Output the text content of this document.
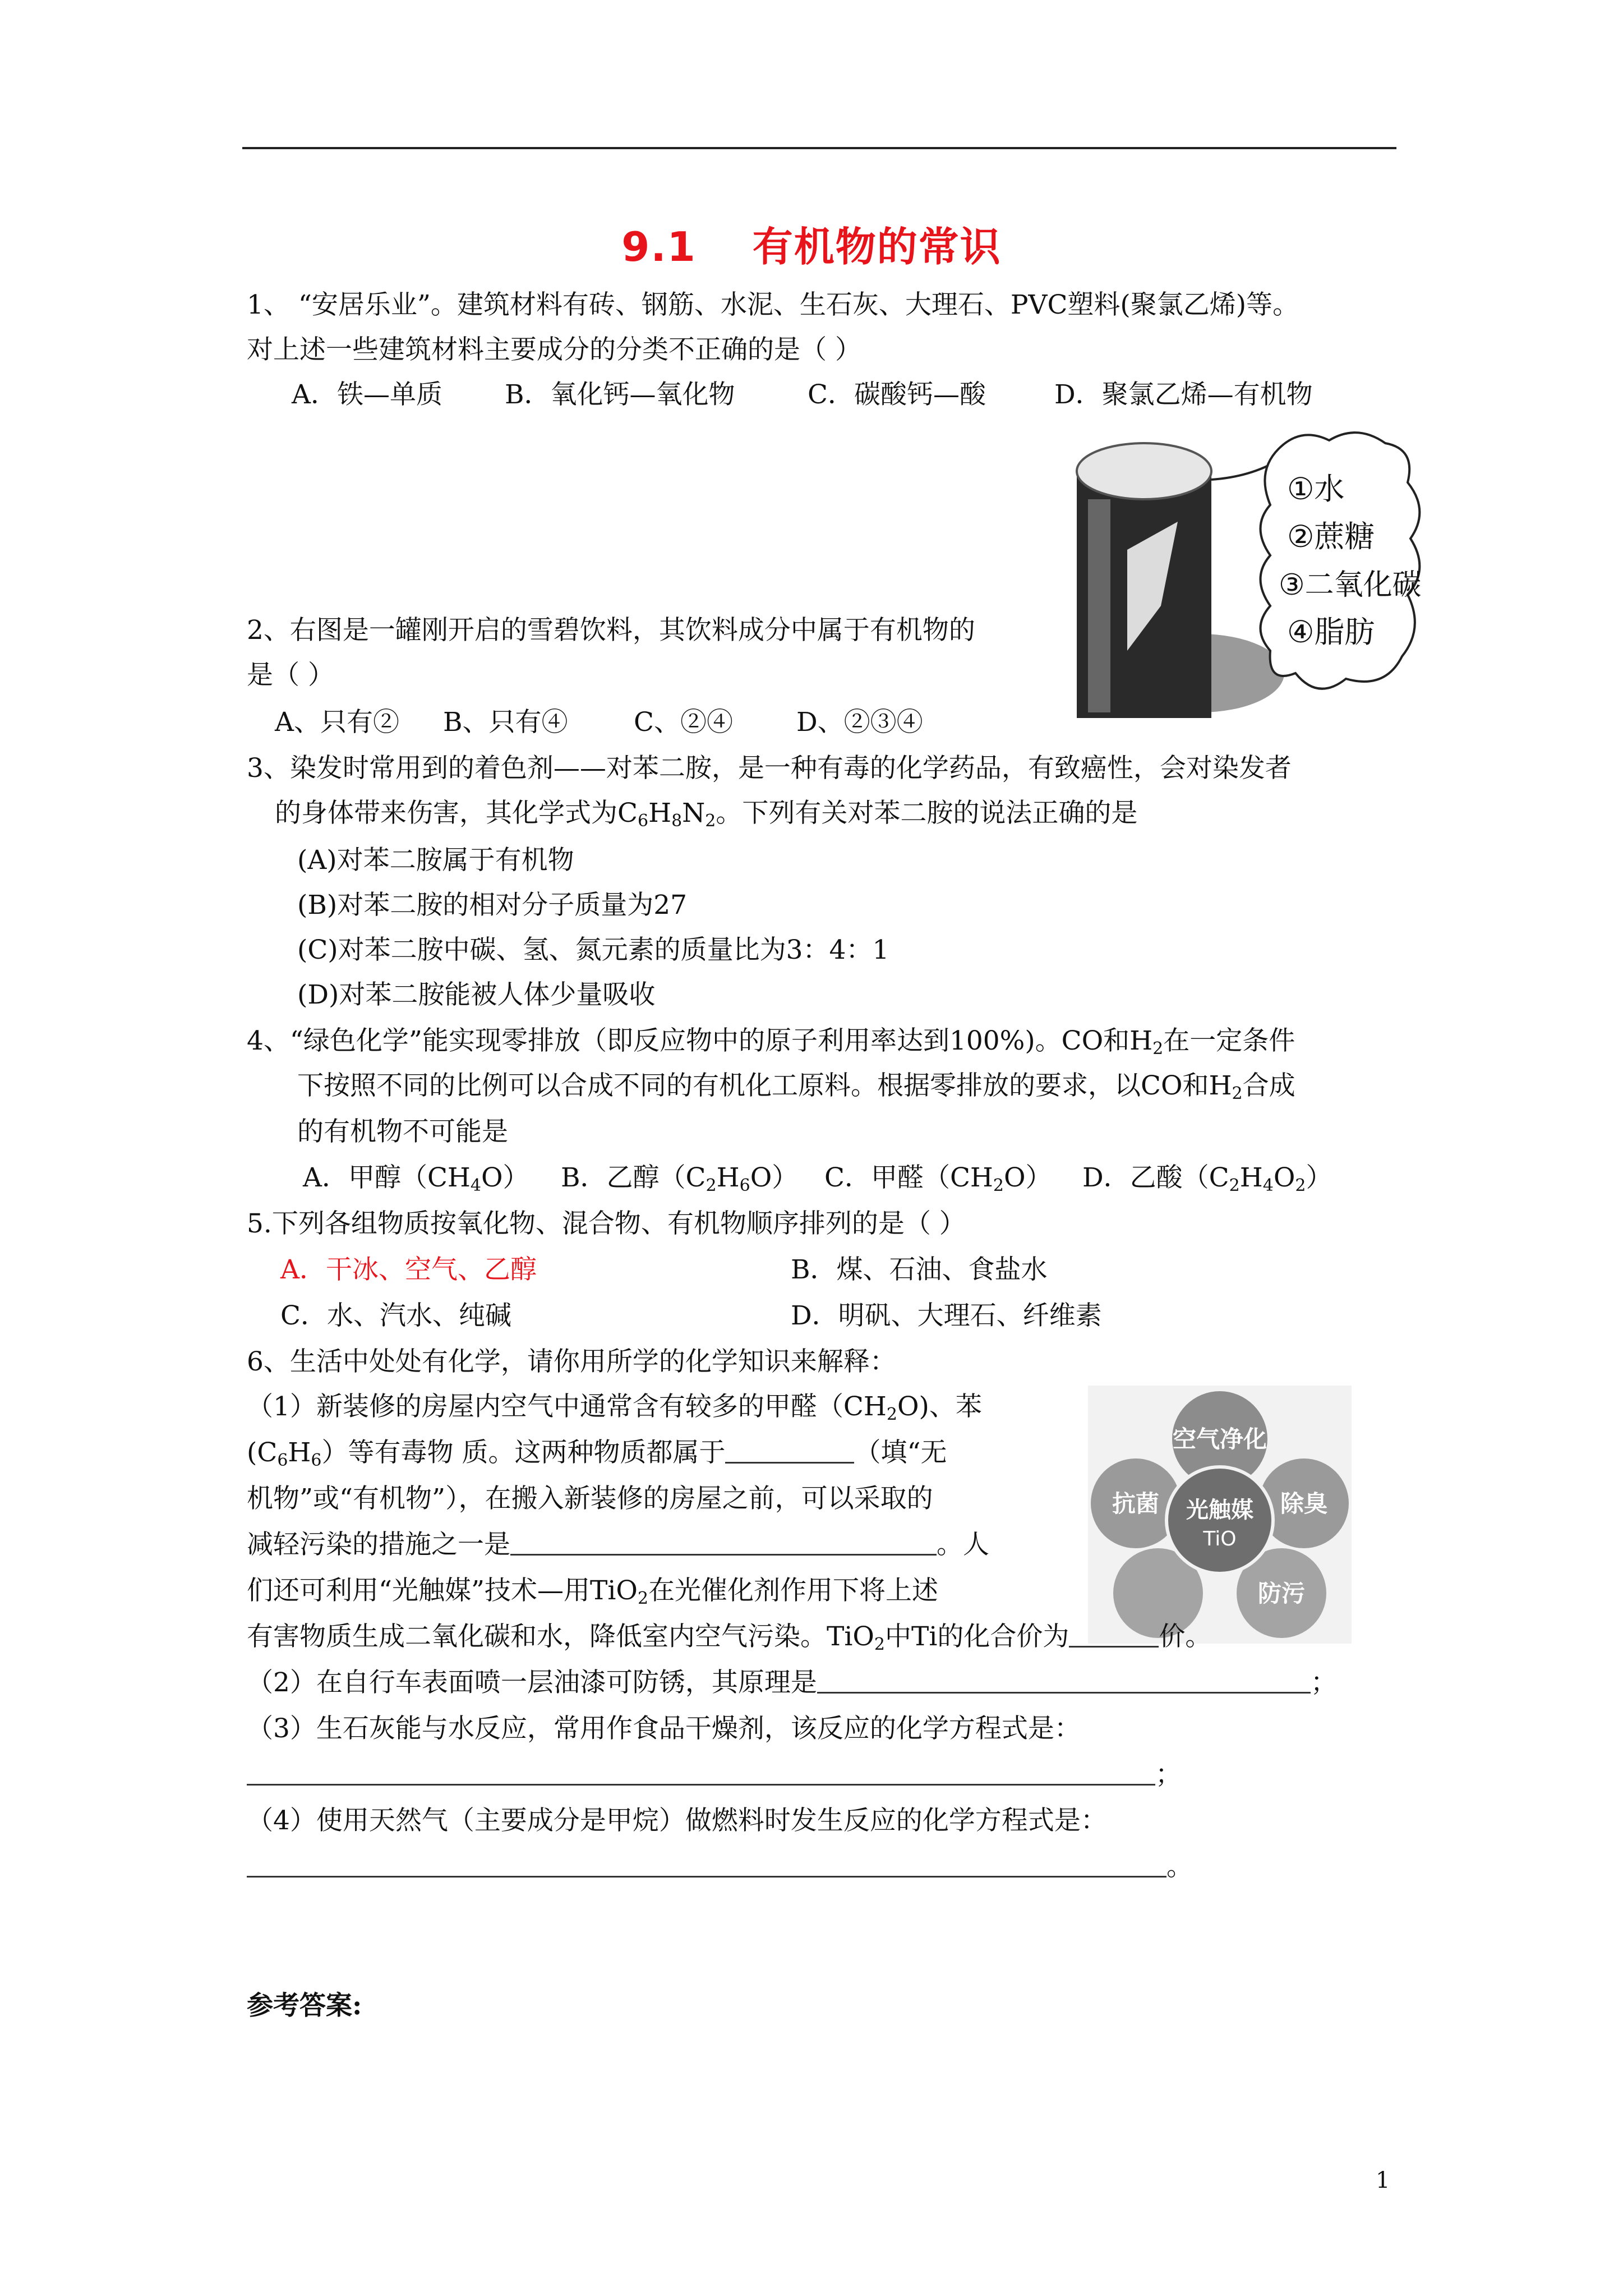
9.1 有机物的常识
1、 “安居乐业”。建筑材料有砖、钢筋、水泥、生石灰、大理石、PVC塑料(聚氯乙烯)等。
对上述一些建筑材料主要成分的分类不正确的是（ ）
A．铁—单质 B．氧化钙—氧化物	C．碳酸钙—酸	D．聚氯乙烯—有机物
①水
②蔗糖
③二氧化碳
④脂肪
2、右图是一罐刚开启的雪碧饮料，其饮料成分中属于有机物的
是（ ）
A、只有② B、只有④ C、②④ D、②③④
3、染发时常用到的着色剂——对苯二胺，是一种有毒的化学药品，有致癌性，会对染发者
的身体带来伤害，其化学式为$C_6H_8N_2$。下列有关对苯二胺的说法正确的是
(A)对苯二胺属于有机物
(B)对苯二胺的相对分子质量为27
(C)对苯二胺中碳、氢、氮元素的质量比为3：4：1
(D)对苯二胺能被人体少量吸收
4、“绿色化学”能实现零排放（即反应物中的原子利用率达到100%)。CO和$H_2$在一定条件
下按照不同的比例可以合成不同的有机化工原料。根据零排放的要求，以CO和$H_2$合成
的有机物不可能是
A．甲醇$(CH_4O)$ B．乙醇$(C_2H_6O)$ C．甲醛$(CH_2O)$ D．乙酸$(C_2H_4O_2)$
5.下列各组物质按氧化物、混合物、有机物顺序排列的是（ ）
A．干冰、空气、乙醇	B．煤、石油、食盐水
C．水、汽水、纯碱	D．明矾、大理石、纤维素
6、生活中处处有化学，请你用所学的化学知识来解释：
空气净化
抗菌	除臭
光触媒
TiO
防污
（1）新装修的房屋内空气中通常含有较多的甲醛$(CH_2O)$、苯
$(C_6H_6)$等有毒物 质。这两种物质都属于	（填“无
机物”或“有机物”），在搬入新装修的房屋之前，可以采取的
减轻污染的措施之一是	。人
们还可利用“光触媒”技术—用TiO$_2$在光催化剂作用下将上述
有害物质生成二氧化碳和水，降低室内空气污染。TiO$_2$中Ti的化合价为	价。
（2）在自行车表面喷一层油漆可防锈，其原理是	；
（3）生石灰能与水反应，常用作食品干燥剂，该反应的化学方程式是：
；
（4）使用天然气（主要成分是甲烷）做燃料时发生反应的化学方程式是：
。
参考答案:
1
